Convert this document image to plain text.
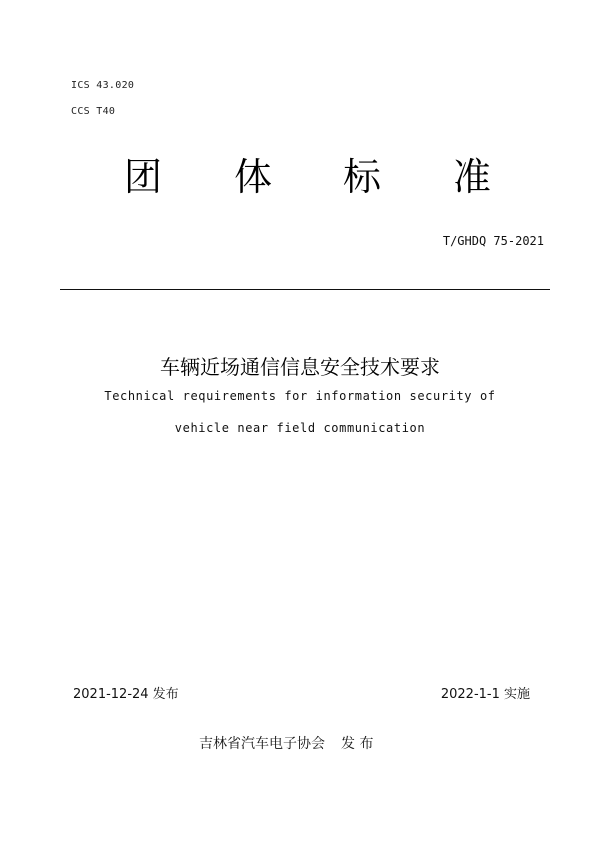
ICS 43.020
CCS T40
团 体 标 准
T/GHDQ 75-2021
车辆近场通信信息安全技术要求
Technical requirements for information security of
vehicle near field communication
2021-12-24 发布	2022-1-1 实施
吉林省汽车电子协会 发 布
